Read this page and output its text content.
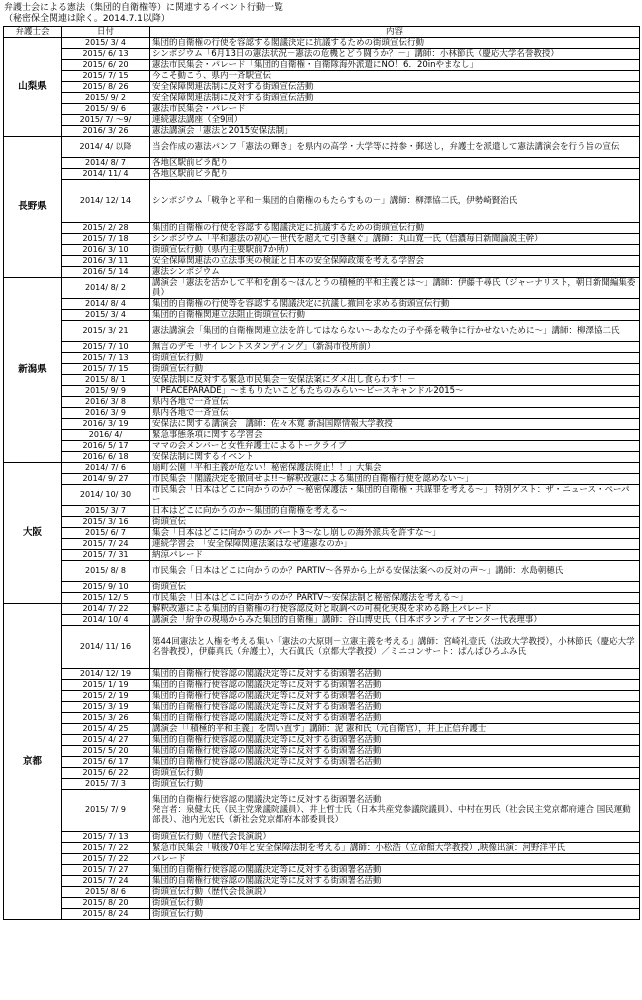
弁護士会による憲法（集団的自衛権等）に関連するイベント行動一覧
（秘密保全関連は除く。2014.7.1以降）
弁護士会	日付	内容
山梨県	2015/ 3/ 4	集団的自衛権の行使を容認する閣議決定に抗議するための街頭宣伝行動
	2015/ 6/ 13	シンポジウム「6月13日の憲法状況－憲法の危機とどう闘うか？－」講師：小林節氏（慶応大学名誉教授）
	2015/ 6/ 20	憲法市民集会・パレード「集団的自衛権・自衛隊海外派遣にNO！6．20inやまなし」
	2015/ 7/ 15	今こそ動こう、県内一斉駅宣伝
	2015/ 8/ 26	安全保障関連法制に反対する街頭宣伝活動
	2015/ 9/ 2	安全保障関連法制に反対する街頭宣伝活動
	2015/ 9/ 6	憲法市民集会・パレード
	2015/ 7/ ～9/	連続憲法講座（全9回）
	2016/ 3/ 26	憲法講演会「憲法と2015安保法制」
長野県	2014/ 4/ 以降	当会作成の憲法パンフ「憲法の輝き」を県内の高学・大学等に持参・郵送し，弁護士を派遣して憲法講演会を行う旨の宣伝
	2014/ 8/ 7	各地区駅前ビラ配り
	2014/ 11/ 4	各地区駅前ビラ配り
	2014/ 12/ 14	シンポジウム「戦争と平和－集団的自衛権のもたらすもの－」講師：柳澤協二氏，伊勢崎賢治氏
	2015/ 2/ 28	集団的自衛権の行使を容認する閣議決定に抗議するための街頭宣伝行動
	2015/ 7/ 18	シンポジウム「平和憲法の初心－世代を超えて引き継ぐ」講師：丸山寛一氏（信濃毎日新聞論説主幹）
	2016/ 3/ 10	街頭宣伝行動（県内主要駅前7か所）
	2016/ 3/ 11	安全保障関連法の立法事実の検証と日本の安全保障政策を考える学習会
	2016/ 5/ 14	憲法シンポジウム
新潟県	2014/ 8/ 2	講演会「憲法を活かして平和を創る～ほんとうの積極的平和主義とは～」講師：伊藤千尋氏（ジャーナリスト，朝日新聞編集委員）
	2014/ 8/ 4	集団的自衛権の行使等を容認する閣議決定に抗議し撤回を求める街頭宣伝行動
	2015/ 3/ 4	集団的自衛権関連立法阻止街頭宣伝行動
	2015/ 3/ 21	憲法講演会「集団的自衛権関連立法を許してはならない～あなたの子や孫を戦争に行かせないために～」講師：柳澤協二氏
	2015/ 7/ 10	無言のデモ「サイレントスタンディング」（新潟市役所前）
	2015/ 7/ 13	街頭宣伝行動
	2015/ 7/ 15	街頭宣伝行動
	2015/ 8/ 1	安保法制に反対する緊急市民集会－安保法案にダメ出し食らわす！－
	2015/ 9/ 9	「PEACEPARADE」～まもりたいこどもたちのみらい～ピースキャンドル2015～
	2016/ 3/ 8	県内各地で一斉宣伝
	2016/ 3/ 9	県内各地で一斉宣伝
	2016/ 3/ 19	安保法に関する講演会　講師：佐々木寛 新潟国際情報大学教授
	2016/ 4/	緊急事態条項に関する学習会
	2016/ 5/ 17	ママの会メンバーと女性弁護士によるトークライブ
	2016/ 6/ 18	安保法制に関するイベント
大阪	2014/ 7/ 6	扇町公園「平和主義が危ない！秘密保護法廃止！！」大集会
	2014/ 9/ 27	市民集会「閣議決定を撤回せよ!!～解釈改憲による集団的自衛権行使を認めない～」
	2014/ 10/ 30	市民集会「日本はどこに向かうのか？～秘密保護法・集団的自衛権・共謀罪を考える～」 特別ゲスト：ザ・ニュース・ペーパー
	2015/ 3/ 7	日本はどこに向かうのか～集団的自衛権を考える～
	2015/ 3/ 16	街頭宣伝
	2015/ 6/ 7	集会「日本はどこに向かうのか パート3～なし崩しの海外派兵を許すな～」
	2015/ 7/ 24	連続学習会　「安全保障関連法案はなぜ違憲なのか」
	2015/ 7/ 31	納涼パレード
	2015/ 8/ 8	市民集会「日本はどこに向かうのか？PARTⅣ～各界から上がる安保法案への反対の声～」講師：水島朝穂氏
	2015/ 9/ 10	街頭宣伝
	2015/ 12/ 5	市民集会「日本はどこに向かうのか？PARTⅤ～安保法制と秘密保護法を考える～」
京都	2014/ 7/ 22	解釈改憲による集団的自衛権の行使容認反対と取調べの可視化実現を求める路上パレード
	2014/ 10/ 4	講演会「紛争の現場からみた集団的自衛権」講師：谷山博史氏（日本ボランティアセンター代表理事）
	2014/ 11/ 16	第44回憲法と人権を考える集い「憲法の大原則－立憲主義を考える」講師：宮崎礼壹氏（法政大学教授），小林節氏（慶応大学名誉教授），伊藤真氏（弁護士），大石眞氏（京都大学教授）／ミニコンサート：ぱんぱひろふみ氏
	2014/ 12/ 19	集団的自衛権行使容認の閣議決定等に反対する街頭署名活動
	2015/ 1/ 19	集団的自衛権行使容認の閣議決定等に反対する街頭署名活動
	2015/ 2/ 19	集団的自衛権行使容認の閣議決定等に反対する街頭署名活動
	2015/ 3/ 19	集団的自衛権行使容認の閣議決定等に反対する街頭署名活動
	2015/ 3/ 26	集団的自衛権行使容認の閣議決定等に反対する街頭署名活動
	2015/ 4/ 25	講演会「「積極的平和主義」を問い直す」講師：泥 憲和氏（元自衛官），井上正信弁護士
	2015/ 4/ 27	集団的自衛権行使容認の閣議決定等に反対する街頭署名活動
	2015/ 5/ 20	集団的自衛権行使容認の閣議決定等に反対する街頭署名活動
	2015/ 6/ 17	集団的自衛権行使容認の閣議決定等に反対する街頭署名活動
	2015/ 6/ 22	街頭宣伝行動
	2015/ 7/ 3	街頭宣伝行動
	2015/ 7/ 9	集団的自衛権行使容認の閣議決定等に反対する街頭署名活動
発言者：泉健太氏（民主党衆議院議員）、井上哲士氏（日本共産党参議院議員）、中村在男氏（社会民主党京都府連合 国民運動部長）、池内光宏氏（新社会党京都府本部委員長）
	2015/ 7/ 13	街頭宣伝行動（歴代会長演説）
	2015/ 7/ 22	緊急市民集会「戦後70年と安全保障法制を考える」講師：小松浩（立命館大学教授）,映像出演：河野洋平氏
	2015/ 7/ 22	パレード
	2015/ 7/ 27	集団的自衛権行使容認の閣議決定等に反対する街頭署名活動
	2015/ 7/ 24	集団的自衛権行使容認の閣議決定等に反対する街頭署名活動
	2015/ 8/ 6	街頭宣伝行動（歴代会長演説）
	2015/ 8/ 20	街頭宣伝行動
	2015/ 8/ 24	街頭宣伝行動
